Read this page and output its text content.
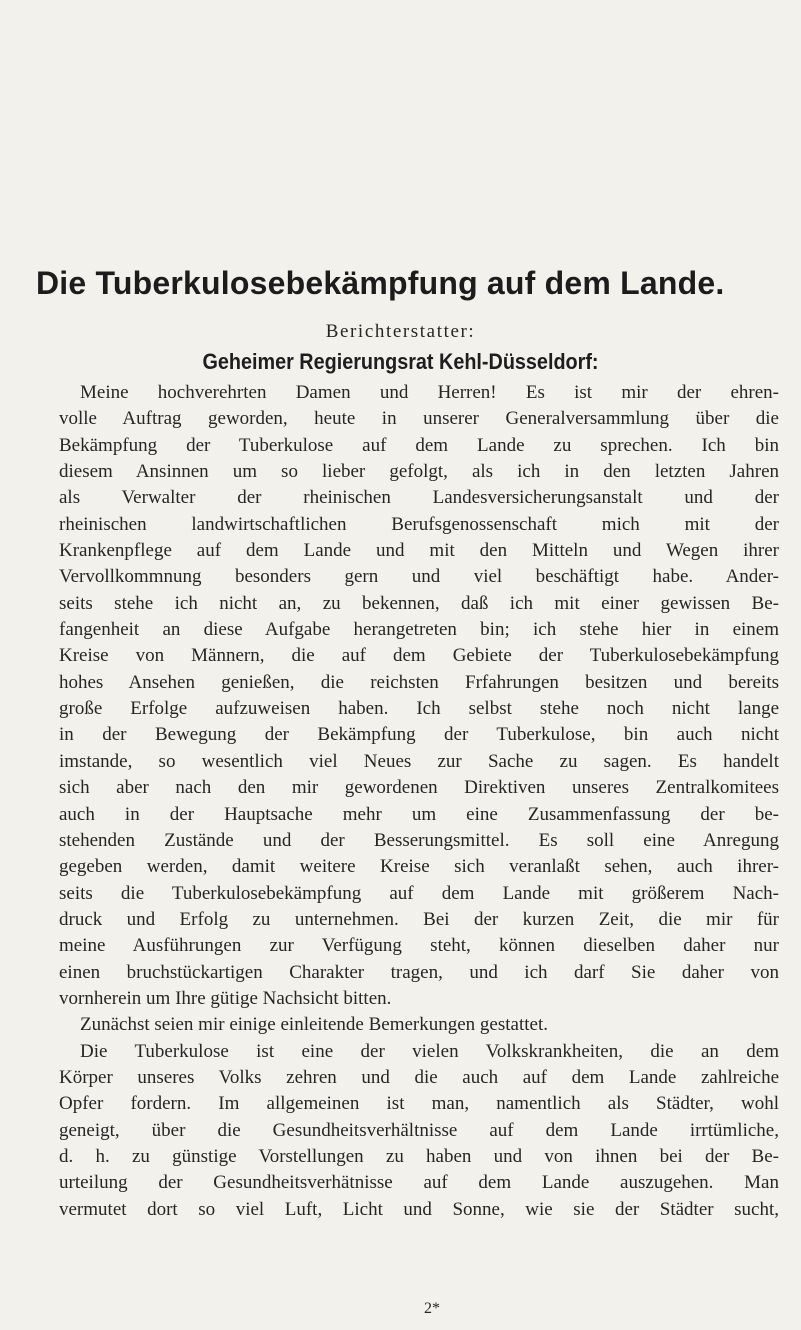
Die Tuberkulosebekämpfung auf dem Lande.

Berichterstatter:

Geheimer Regierungsrat Kehl-Düsseldorf:

Meine hochverehrten Damen und Herren! Es ist mir der ehren-
volle Auftrag geworden, heute in unserer Generalversammlung über die
Bekämpfung der Tuberkulose auf dem Lande zu sprechen. Ich bin
diesem Ansinnen um so lieber gefolgt, als ich in den letzten Jahren
als Verwalter der rheinischen Landesversicherungsanstalt und der
rheinischen landwirtschaftlichen Berufsgenossenschaft mich mit der
Krankenpflege auf dem Lande und mit den Mitteln und Wegen ihrer
Vervollkommnung besonders gern und viel beschäftigt habe. Ander-
seits stehe ich nicht an, zu bekennen, daß ich mit einer gewissen Be-
fangenheit an diese Aufgabe herangetreten bin; ich stehe hier in einem
Kreise von Männern, die auf dem Gebiete der Tuberkulosebekämpfung
hohes Ansehen genießen, die reichsten Frfahrungen besitzen und bereits
große Erfolge aufzuweisen haben. Ich selbst stehe noch nicht lange
in der Bewegung der Bekämpfung der Tuberkulose, bin auch nicht
imstande, so wesentlich viel Neues zur Sache zu sagen. Es handelt
sich aber nach den mir gewordenen Direktiven unseres Zentralkomitees
auch in der Hauptsache mehr um eine Zusammenfassung der be-
stehenden Zustände und der Besserungsmittel. Es soll eine Anregung
gegeben werden, damit weitere Kreise sich veranlaßt sehen, auch ihrer-
seits die Tuberkulosebekämpfung auf dem Lande mit größerem Nach-
druck und Erfolg zu unternehmen. Bei der kurzen Zeit, die mir für
meine Ausführungen zur Verfügung steht, können dieselben daher nur
einen bruchstückartigen Charakter tragen, und ich darf Sie daher von
vornherein um Ihre gütige Nachsicht bitten.
Zunächst seien mir einige einleitende Bemerkungen gestattet.
Die Tuberkulose ist eine der vielen Volkskrankheiten, die an dem
Körper unseres Volks zehren und die auch auf dem Lande zahlreiche
Opfer fordern. Im allgemeinen ist man, namentlich als Städter, wohl
geneigt, über die Gesundheitsverhältnisse auf dem Lande irrtümliche,
d. h. zu günstige Vorstellungen zu haben und von ihnen bei der Be-
urteilung der Gesundheitsverhätnisse auf dem Lande auszugehen. Man
vermutet dort so viel Luft, Licht und Sonne, wie sie der Städter sucht,

2*
